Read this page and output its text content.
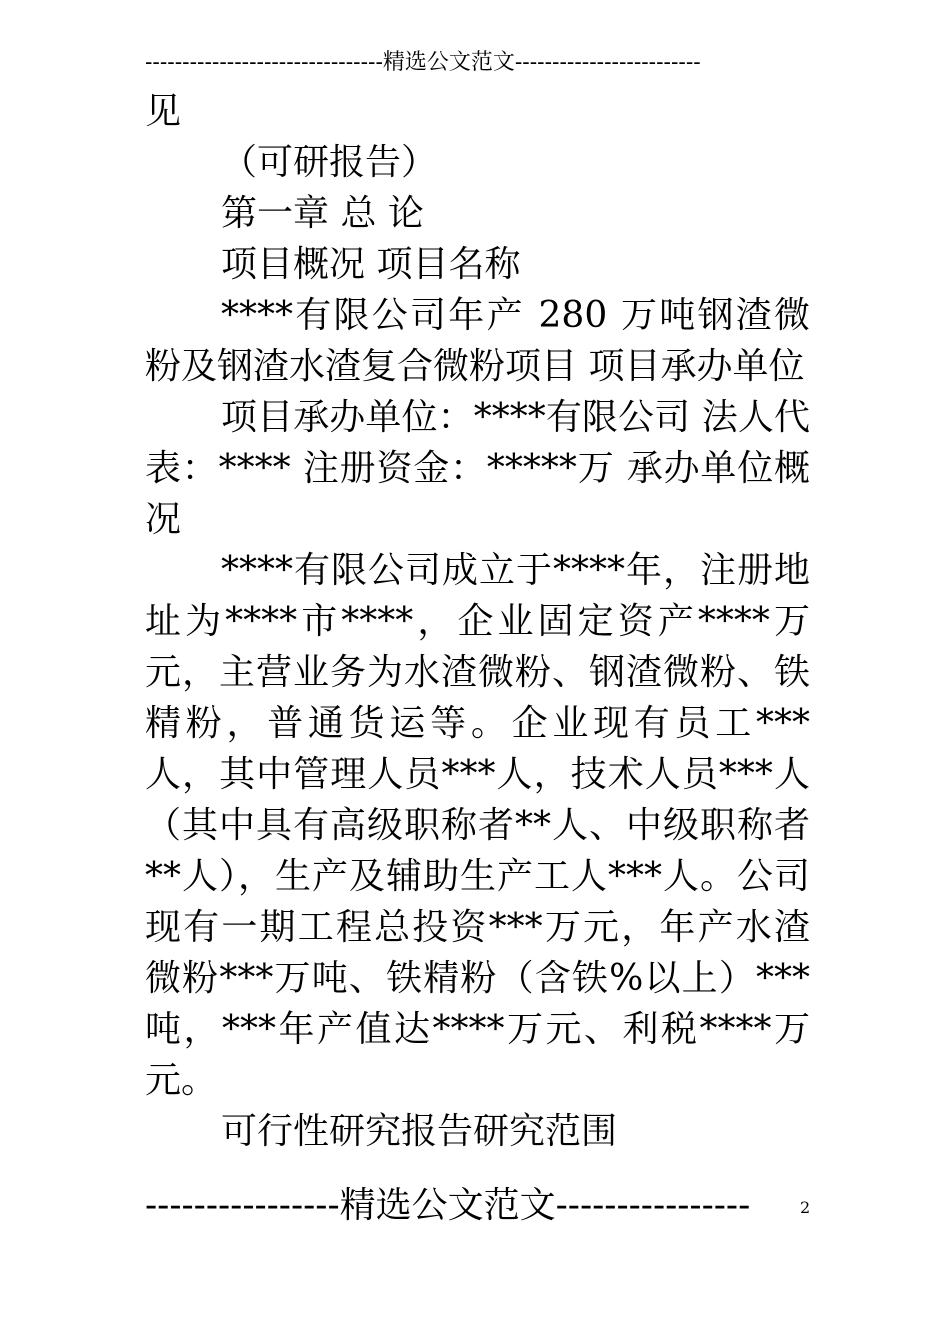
--------------------------------精选公文范文-------------------------

见

（可研报告）

第一章 总 论

项目概况 项目名称

****有限公司年产 280 万吨钢渣微粉及钢渣水渣复合微粉项目 项目承办单位

项目承办单位：****有限公司 法人代表：**** 注册资金：*****万 承办单位概况

****有限公司成立于****年，注册地址为****市****，企业固定资产****万元，主营业务为水渣微粉、钢渣微粉、铁精粉，普通货运等。企业现有员工***人，其中管理人员***人，技术人员***人（其中具有高级职称者**人、中级职称者**人），生产及辅助生产工人***人。公司现有一期工程总投资***万元，年产水渣微粉***万吨、铁精粉（含铁%以上）***吨，***年产值达****万元、利税****万元。

可行性研究报告研究范围

----------------精选公文范文----------------	2
